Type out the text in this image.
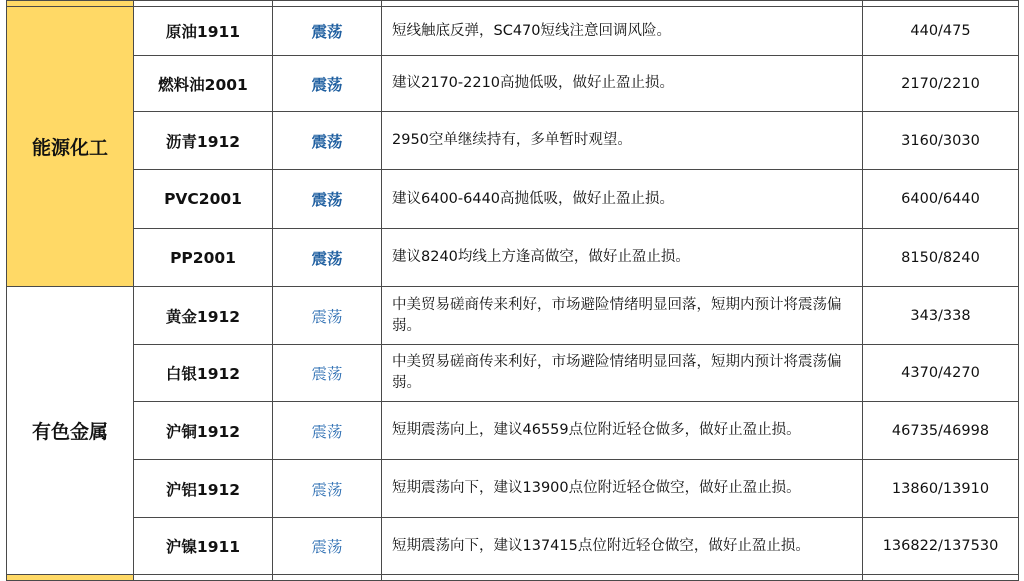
能源化工	原油1911	震荡	短线触底反弹，SC470短线注意回调风险。	440/475
	燃料油2001	震荡	建议2170-2210高抛低吸，做好止盈止损。	2170/2210
	沥青1912	震荡	2950空单继续持有，多单暂时观望。	3160/3030
	PVC2001	震荡	建议6400-6440高抛低吸，做好止盈止损。	6400/6440
	PP2001	震荡	建议8240均线上方逢高做空，做好止盈止损。	8150/8240
有色金属	黄金1912	震荡	中美贸易磋商传来利好，市场避险情绪明显回落，短期内预计将震荡偏弱。	343/338
	白银1912	震荡	中美贸易磋商传来利好，市场避险情绪明显回落，短期内预计将震荡偏弱。	4370/4270
	沪铜1912	震荡	短期震荡向上，建议46559点位附近轻仓做多，做好止盈止损。	46735/46998
	沪铝1912	震荡	短期震荡向下，建议13900点位附近轻仓做空，做好止盈止损。	13860/13910
	沪镍1911	震荡	短期震荡向下，建议137415点位附近轻仓做空，做好止盈止损。	136822/137530
